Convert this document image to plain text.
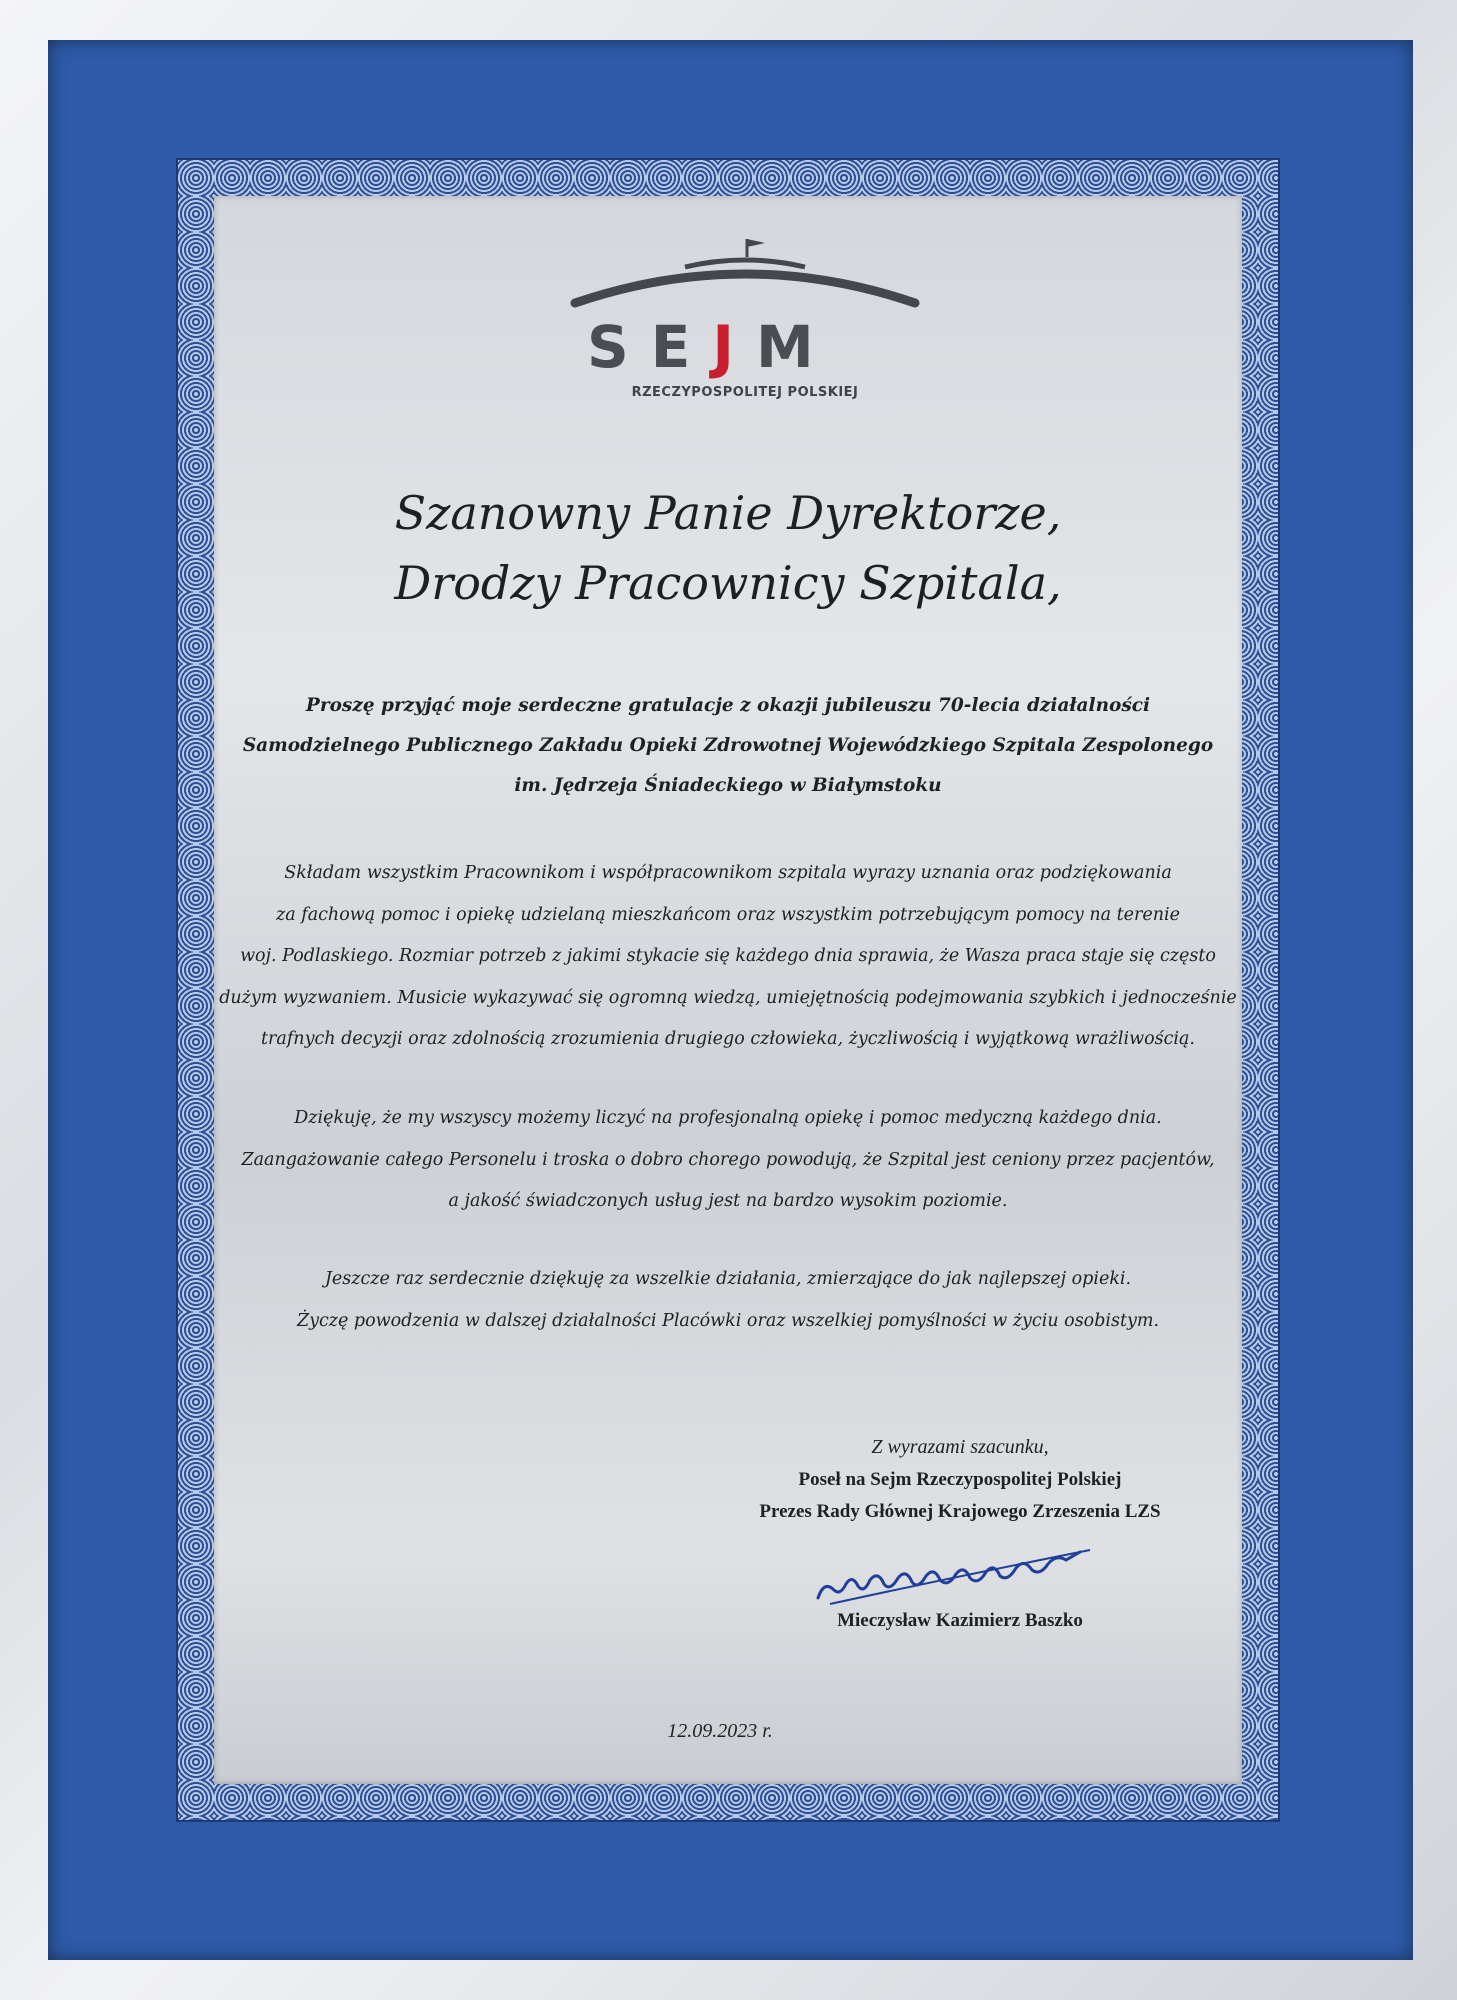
SEJM
RZECZYPOSPOLITEJ POLSKIEJ
Szanowny Panie Dyrektorze,
Drodzy Pracownicy Szpitala,
Proszę przyjąć moje serdeczne gratulacje z okazji jubileuszu 70-lecia działalności
Samodzielnego Publicznego Zakładu Opieki Zdrowotnej Wojewódzkiego Szpitala Zespolonego
im. Jędrzeja Śniadeckiego w Białymstoku
Składam wszystkim Pracownikom i współpracownikom szpitala wyrazy uznania oraz podziękowania
za fachową pomoc i opiekę udzielaną mieszkańcom oraz wszystkim potrzebującym pomocy na terenie
woj. Podlaskiego. Rozmiar potrzeb z jakimi stykacie się każdego dnia sprawia, że Wasza praca staje się często
dużym wyzwaniem. Musicie wykazywać się ogromną wiedzą, umiejętnością podejmowania szybkich i jednocześnie
trafnych decyzji oraz zdolnością zrozumienia drugiego człowieka, życzliwością i wyjątkową wrażliwością.
Dziękuję, że my wszyscy możemy liczyć na profesjonalną opiekę i pomoc medyczną każdego dnia.
Zaangażowanie całego Personelu i troska o dobro chorego powodują, że Szpital jest ceniony przez pacjentów,
a jakość świadczonych usług jest na bardzo wysokim poziomie.
Jeszcze raz serdecznie dziękuję za wszelkie działania, zmierzające do jak najlepszej opieki.
Życzę powodzenia w dalszej działalności Placówki oraz wszelkiej pomyślności w życiu osobistym.
Z wyrazami szacunku,
Poseł na Sejm Rzeczypospolitej Polskiej
Prezes Rady Głównej Krajowego Zrzeszenia LZS
Mieczysław Kazimierz Baszko
12.09.2023 r.
